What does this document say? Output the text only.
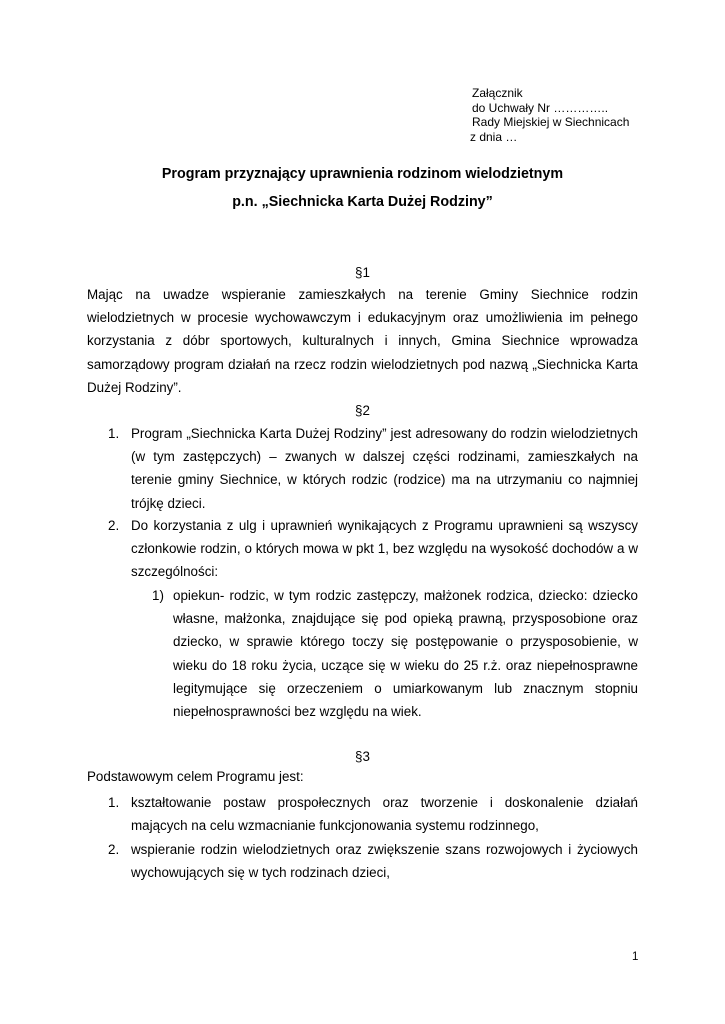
Załącznik
do Uchwały Nr …………..
Rady Miejskiej w Siechnicach
z dnia …
Program przyznający uprawnienia rodzinom wielodzietnym
p.n. „Siechnicka Karta Dużej Rodziny”
§1
Mając na uwadze wspieranie zamieszkałych na terenie Gminy Siechnice rodzin wielodzietnych w procesie wychowawczym i edukacyjnym oraz umożliwienia im pełnego korzystania z dóbr sportowych, kulturalnych i innych, Gmina Siechnice wprowadza samorządowy program działań na rzecz rodzin wielodzietnych pod nazwą „Siechnicka Karta Dużej Rodziny”.
§2
1. Program „Siechnicka Karta Dużej Rodziny” jest adresowany do rodzin wielodzietnych (w tym zastępczych) – zwanych w dalszej części rodzinami, zamieszkałych na terenie gminy Siechnice, w których rodzic (rodzice) ma na utrzymaniu co najmniej trójkę dzieci.
2. Do korzystania z ulg i uprawnień wynikających z Programu uprawnieni są wszyscy członkowie rodzin, o których mowa w pkt 1, bez względu na wysokość dochodów a w szczególności:
1) opiekun- rodzic, w tym rodzic zastępczy, małżonek rodzica, dziecko: dziecko własne, małżonka, znajdujące się pod opieką prawną, przysposobione oraz dziecko, w sprawie którego toczy się postępowanie o przysposobienie, w wieku do 18 roku życia, uczące się w wieku do 25 r.ż. oraz niepełnosprawne legitymujące się orzeczeniem o umiarkowanym lub znacznym stopniu niepełnosprawności bez względu na wiek.
§3
Podstawowym celem Programu jest:
1. kształtowanie postaw prospołecznych oraz tworzenie i doskonalenie działań mających na celu wzmacnianie funkcjonowania systemu rodzinnego,
2. wspieranie rodzin wielodzietnych oraz zwiększenie szans rozwojowych i życiowych wychowujących się w tych rodzinach dzieci,
1
